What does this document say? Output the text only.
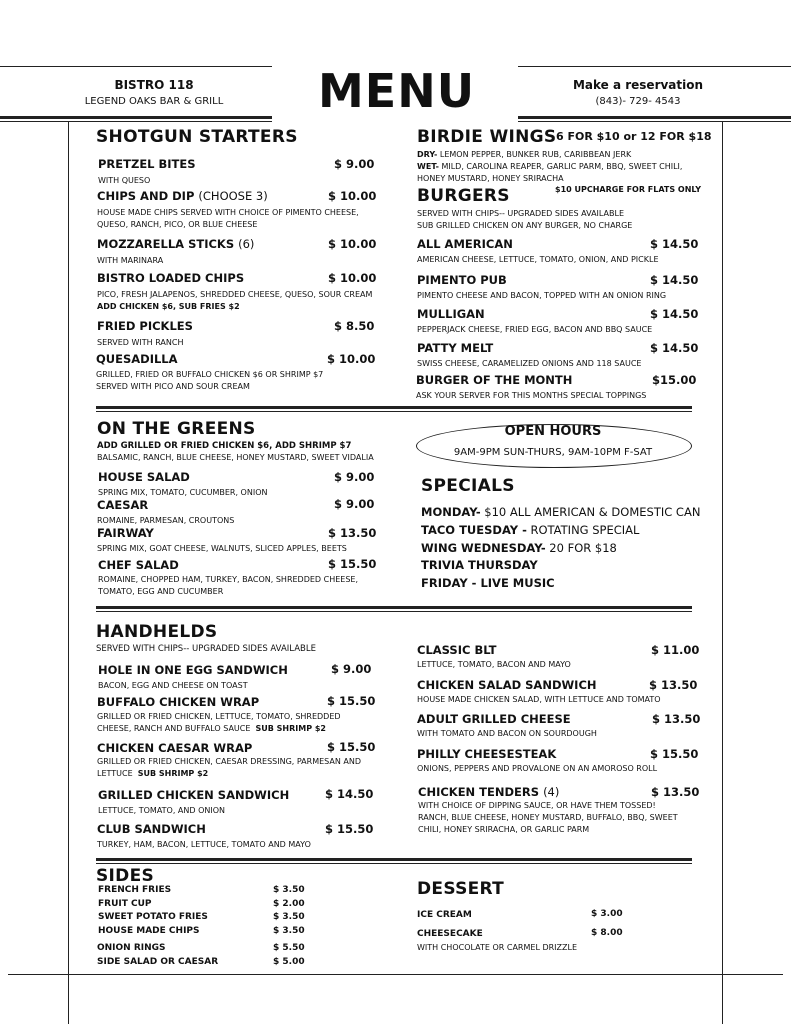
BISTRO 118
LEGEND OAKS BAR & GRILL	MENU	Make a reservation
(843)- 729- 4543
SHOTGUN STARTERS
PRETZEL BITES	$ 9.00
WITH QUESO
CHIPS AND DIP (CHOOSE 3)	$ 10.00
HOUSE MADE CHIPS SERVED WITH CHOICE OF PIMENTO CHEESE, QUESO, RANCH, PICO, OR BLUE CHEESE
MOZZARELLA STICKS (6)	$ 10.00
WITH MARINARA
BISTRO LOADED CHIPS	$ 10.00
PICO, FRESH JALAPENOS, SHREDDED CHEESE, QUESO, SOUR CREAM
ADD CHICKEN $6, SUB FRIES $2
FRIED PICKLES	$ 8.50
SERVED WITH RANCH
QUESADILLA	$ 10.00
GRILLED, FRIED OR BUFFALO CHICKEN $6 OR SHRIMP $7 SERVED WITH PICO AND SOUR CREAM
BIRDIE WINGS 6 FOR $10 or 12 FOR $18
DRY- LEMON PEPPER, BUNKER RUB, CARIBBEAN JERK
WET- MILD, CAROLINA REAPER, GARLIC PARM, BBQ, SWEET CHILI, HONEY MUSTARD, HONEY SRIRACHA
$10 UPCHARGE FOR FLATS ONLY
BURGERS
SERVED WITH CHIPS-- UPGRADED SIDES AVAILABLE
SUB GRILLED CHICKEN ON ANY BURGER, NO CHARGE
ALL AMERICAN	$ 14.50
AMERICAN CHEESE, LETTUCE, TOMATO, ONION, AND PICKLE
PIMENTO PUB	$ 14.50
PIMENTO CHEESE AND BACON, TOPPED WITH AN ONION RING
MULLIGAN	$ 14.50
PEPPERJACK CHEESE, FRIED EGG, BACON AND BBQ SAUCE
PATTY MELT	$ 14.50
SWISS CHEESE, CARAMELIZED ONIONS AND 118 SAUCE
BURGER OF THE MONTH	$15.00
ASK YOUR SERVER FOR THIS MONTHS SPECIAL TOPPINGS
ON THE GREENS
ADD GRILLED OR FRIED CHICKEN $6, ADD SHRIMP $7
BALSAMIC, RANCH, BLUE CHEESE, HONEY MUSTARD, SWEET VIDALIA
HOUSE SALAD	$ 9.00
SPRING MIX, TOMATO, CUCUMBER, ONION
CAESAR	$ 9.00
ROMAINE, PARMESAN, CROUTONS
FAIRWAY	$ 13.50
SPRING MIX, GOAT CHEESE, WALNUTS, SLICED APPLES, BEETS
CHEF SALAD	$ 15.50
ROMAINE, CHOPPED HAM, TURKEY, BACON, SHREDDED CHEESE, TOMATO, EGG AND CUCUMBER
OPEN HOURS
9AM-9PM SUN-THURS, 9AM-10PM F-SAT
SPECIALS
MONDAY- $10 ALL AMERICAN & DOMESTIC CAN
TACO TUESDAY - ROTATING SPECIAL
WING WEDNESDAY- 20 FOR $18
TRIVIA THURSDAY
FRIDAY - LIVE MUSIC
HANDHELDS
SERVED WITH CHIPS-- UPGRADED SIDES AVAILABLE
HOLE IN ONE EGG SANDWICH	$ 9.00
BACON, EGG AND CHEESE ON TOAST
BUFFALO CHICKEN WRAP	$ 15.50
GRILLED OR FRIED CHICKEN, LETTUCE, TOMATO, SHREDDED CHEESE, RANCH AND BUFFALO SAUCE SUB SHRIMP $2
CHICKEN CAESAR WRAP	$ 15.50
GRILLED OR FRIED CHICKEN, CAESAR DRESSING, PARMESAN AND LETTUCE SUB SHRIMP $2
GRILLED CHICKEN SANDWICH	$ 14.50
LETTUCE, TOMATO, AND ONION
CLUB SANDWICH	$ 15.50
TURKEY, HAM, BACON, LETTUCE, TOMATO AND MAYO
CLASSIC BLT	$ 11.00
LETTUCE, TOMATO, BACON AND MAYO
CHICKEN SALAD SANDWICH	$ 13.50
HOUSE MADE CHICKEN SALAD, WITH LETTUCE AND TOMATO
ADULT GRILLED CHEESE	$ 13.50
WITH TOMATO AND BACON ON SOURDOUGH
PHILLY CHEESESTEAK	$ 15.50
ONIONS, PEPPERS AND PROVALONE ON AN AMOROSO ROLL
CHICKEN TENDERS (4)	$ 13.50
WITH CHOICE OF DIPPING SAUCE, OR HAVE THEM TOSSED! RANCH, BLUE CHEESE, HONEY MUSTARD, BUFFALO, BBQ, SWEET CHILI, HONEY SRIRACHA, OR GARLIC PARM
SIDES
FRENCH FRIES	$ 3.50
FRUIT CUP	$ 2.00
SWEET POTATO FRIES	$ 3.50
HOUSE MADE CHIPS	$ 3.50
ONION RINGS	$ 5.50
SIDE SALAD OR CAESAR	$ 5.00
DESSERT
ICE CREAM	$ 3.00
CHEESECAKE	$ 8.00
WITH CHOCOLATE OR CARMEL DRIZZLE
